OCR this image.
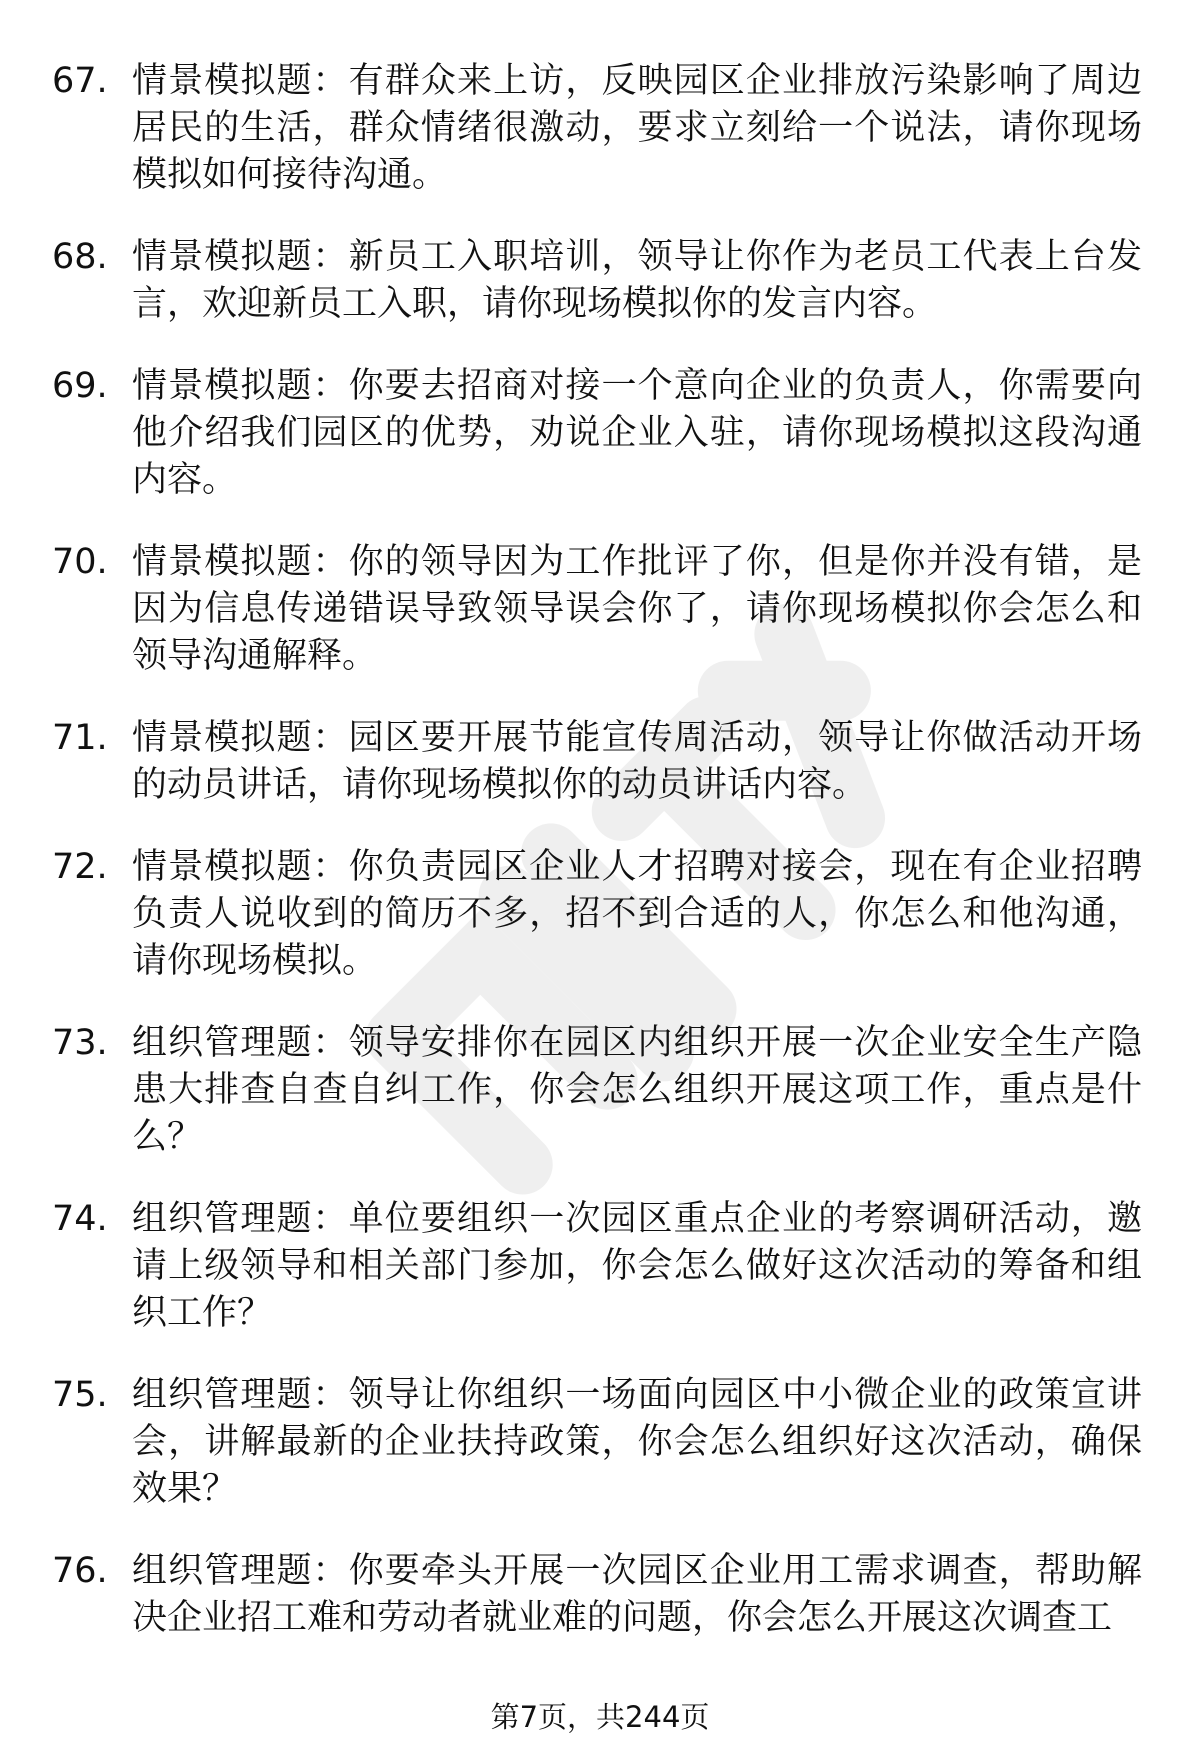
67. 情景模拟题：有群众来上访，反映园区企业排放污染影响了周边居民的生活，群众情绪很激动，要求立刻给一个说法，请你现场模拟如何接待沟通。
68. 情景模拟题：新员工入职培训，领导让你作为老员工代表上台发言，欢迎新员工入职，请你现场模拟你的发言内容。
69. 情景模拟题：你要去招商对接一个意向企业的负责人，你需要向他介绍我们园区的优势，劝说企业入驻，请你现场模拟这段沟通内容。
70. 情景模拟题：你的领导因为工作批评了你，但是你并没有错，是因为信息传递错误导致领导误会你了，请你现场模拟你会怎么和领导沟通解释。
71. 情景模拟题：园区要开展节能宣传周活动，领导让你做活动开场的动员讲话，请你现场模拟你的动员讲话内容。
72. 情景模拟题：你负责园区企业人才招聘对接会，现在有企业招聘负责人说收到的简历不多，招不到合适的人，你怎么和他沟通，请你现场模拟。
73. 组织管理题：领导安排你在园区内组织开展一次企业安全生产隐患大排查自查自纠工作，你会怎么组织开展这项工作，重点是什么？
74. 组织管理题：单位要组织一次园区重点企业的考察调研活动，邀请上级领导和相关部门参加，你会怎么做好这次活动的筹备和组织工作？
75. 组织管理题：领导让你组织一场面向园区中小微企业的政策宣讲会，讲解最新的企业扶持政策，你会怎么组织好这次活动，确保效果？
76. 组织管理题：你要牵头开展一次园区企业用工需求调查，帮助解决企业招工难和劳动者就业难的问题，你会怎么开展这次调查工
第7页，共244页
